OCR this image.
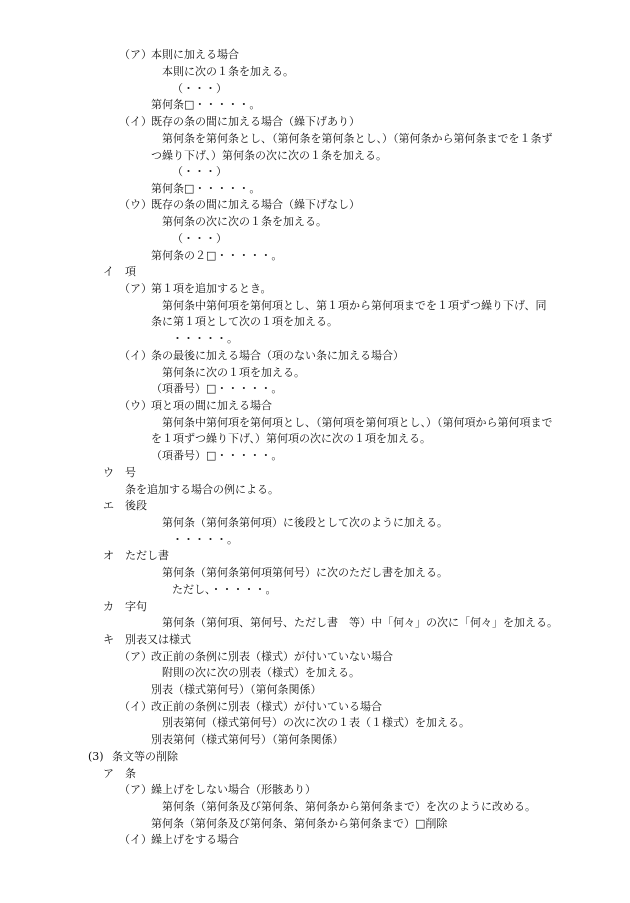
（ア） 本則に加える場合
本則に次の１条を加える。
（・・・）
第何条□・・・・・。
（イ） 既存の条の間に加える場合（繰下げあり）
第何条を第何条とし、（第何条を第何条とし、）（第何条から第何条までを１条ず
つ繰り下げ、）第何条の次に次の１条を加える。
（・・・）
第何条□・・・・・。
（ウ） 既存の条の間に加える場合（繰下げなし）
第何条の次に次の１条を加える。
（・・・）
第何条の２□・・・・・。
イ 項
（ア） 第１項を追加するとき。
第何条中第何項を第何項とし、第１項から第何項までを１項ずつ繰り下げ、同
条に第１項として次の１項を加える。
・・・・・。
（イ） 条の最後に加える場合（項のない条に加える場合）
第何条に次の１項を加える。
（項番号）□・・・・・。
（ウ） 項と項の間に加える場合
第何条中第何項を第何項とし、（第何項を第何項とし、）（第何項から第何項まで
を１項ずつ繰り下げ、）第何項の次に次の１項を加える。
（項番号）□・・・・・。
ウ 号
条を追加する場合の例による。
エ 後段
第何条（第何条第何項）に後段として次のように加える。
・・・・・。
オ ただし書
第何条（第何条第何項第何号）に次のただし書を加える。
ただし、・・・・・。
カ 字句
第何条（第何項、第何号、ただし書　等）中「何々」の次に「何々」を加える。
キ 別表又は様式
（ア） 改正前の条例に別表（様式）が付いていない場合
附則の次に次の別表（様式）を加える。
別表（様式第何号）（第何条関係）
（イ） 改正前の条例に別表（様式）が付いている場合
別表第何（様式第何号）の次に次の１表（１様式）を加える。
別表第何（様式第何号）（第何条関係）
(3) 条文等の削除
ア 条
（ア） 繰上げをしない場合（形骸あり）
第何条（第何条及び第何条、第何条から第何条まで）を次のように改める。
第何条（第何条及び第何条、第何条から第何条まで）□削除
（イ） 繰上げをする場合
